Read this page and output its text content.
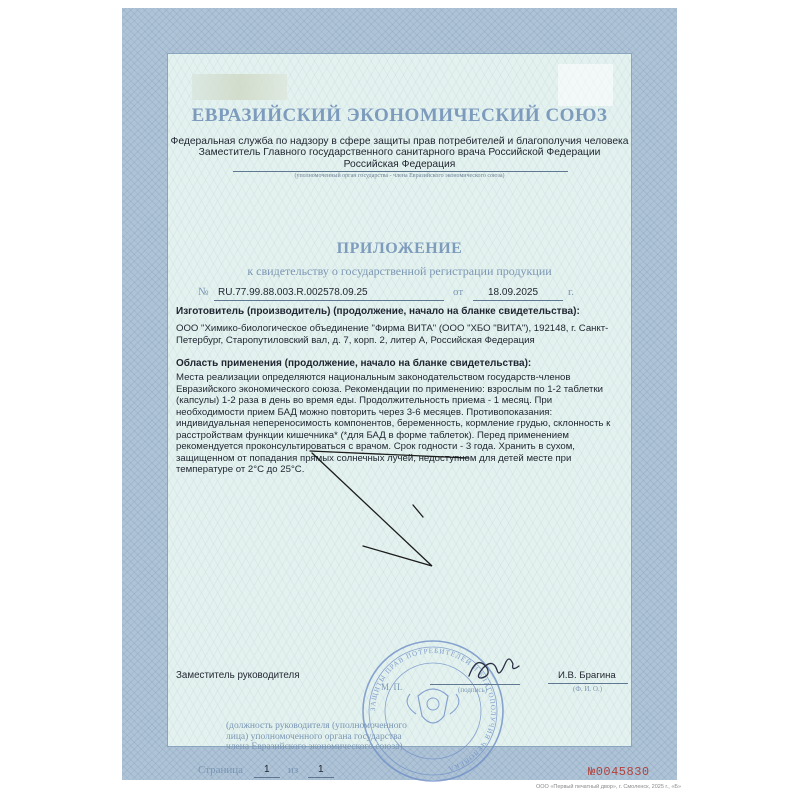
ЕВРАЗИЙСКИЙ ЭКОНОМИЧЕСКИЙ СОЮЗ
Федеральная служба по надзору в сфере защиты прав потребителей и благополучия человека
Заместитель Главного государственного санитарного врача Российской Федерации
Российская Федерация
(уполномоченный орган государства - члена Евразийского экономического союза)
ПРИЛОЖЕНИЕ
к свидетельству о государственной регистрации продукции
№ RU.77.99.88.003.R.002578.09.25	от 18.09.2025	г.
Изготовитель (производитель) (продолжение, начало на бланке свидетельства):
ООО "Химико-биологическое объединение "Фирма ВИТА" (ООО "ХБО "ВИТА"), 192148, г. Санкт-
Петербург, Старопутиловский вал, д. 7, корп. 2, литер А, Российская Федерация
Область применения (продолжение, начало на бланке свидетельства):
Места реализации определяются национальным законодательством государств-членов
Евразийского экономического союза. Рекомендации по применению: взрослым по 1-2 таблетки
(капсулы) 1-2 раза в день во время еды. Продолжительность приема - 1 месяц. При
необходимости прием БАД можно повторить через 3-6 месяцев. Противопоказания:
индивидуальная непереносимость компонентов, беременность, кормление грудью, склонность к
расстройствам функции кишечника* (*для БАД в форме таблеток). Перед применением
рекомендуется проконсультироваться с врачом. Срок годности - 3 года. Хранить в сухом,
защищенном от попадания прямых солнечных лучей, недоступном для детей месте при
температуре от 2°С до 25°С.
ЗАЩИТЫ ПРАВ ПОТРЕБИТЕЛЕЙ И БЛАГОПОЛУЧИЯ ЧЕЛОВЕКА
Заместитель руководителя
М. П.	(подпись)
И.В. Брагина
(Ф. И. О.)
(должность руководителя (уполномоченного
лица) уполномоченного органа государства
члена Евразийского экономического союза)
Страница 1 из 1	№0045830
ООО «Первый печатный двор», г. Смоленск, 2025 г., «Б»
